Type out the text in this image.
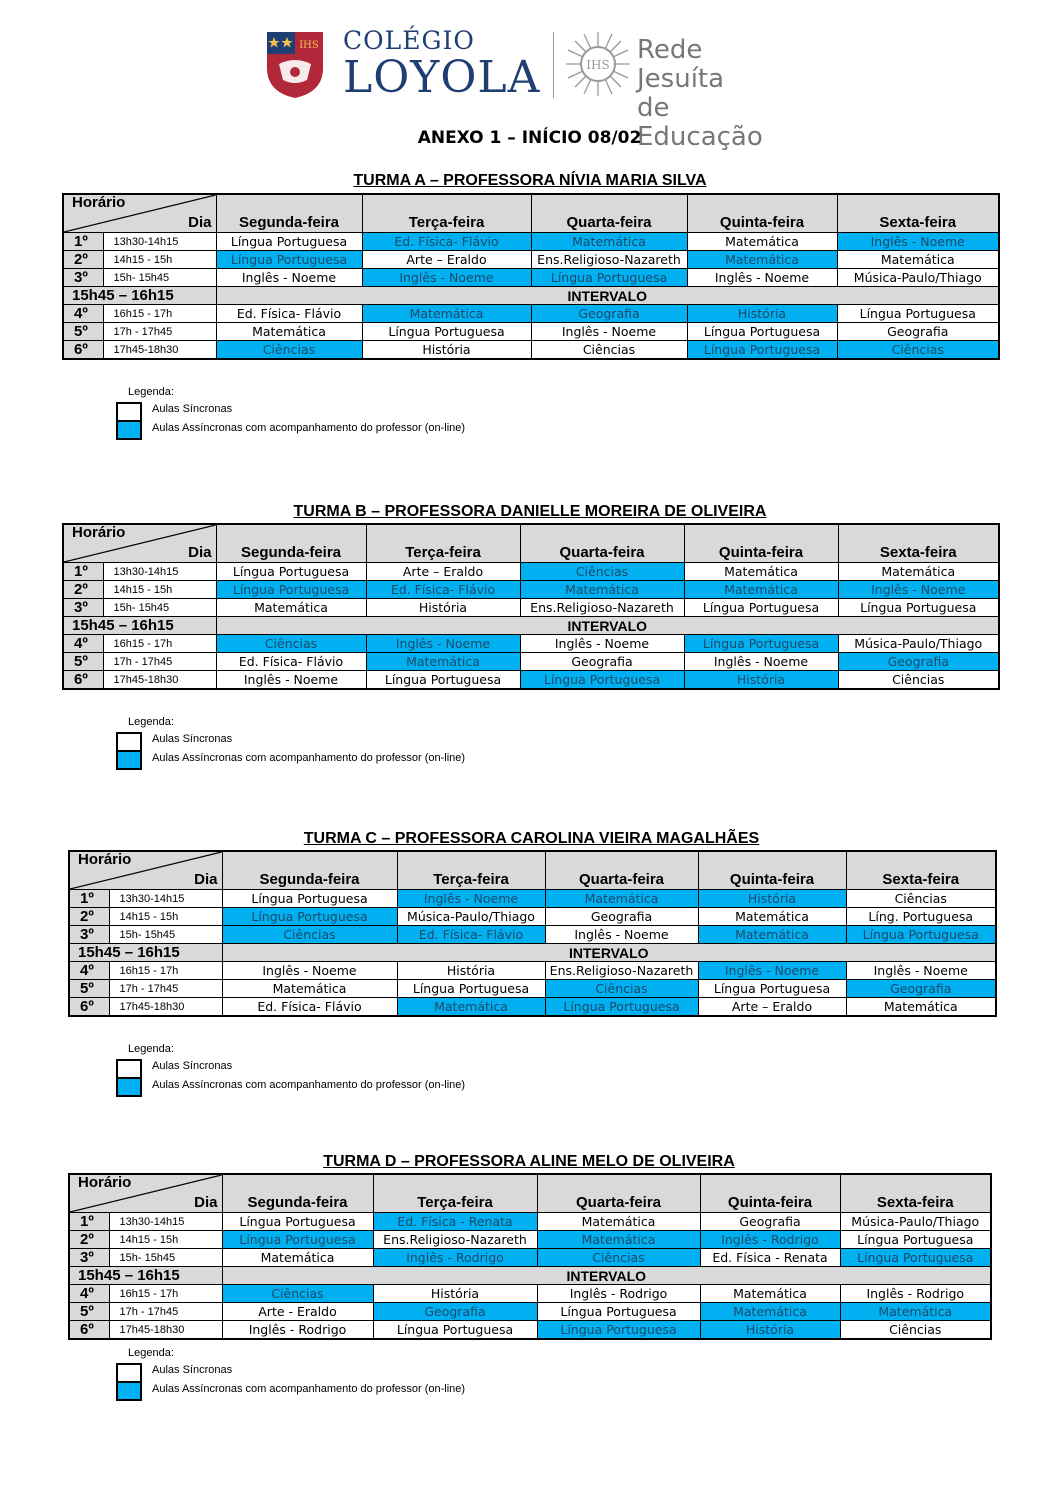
IHS COLÉGIO
LOYOLA	IHS Rede Jesuíta
de Educação
ANEXO 1 – INÍCIO 08/02
TURMA A – PROFESSORA NÍVIA MARIA SILVA
Horário
Dia		Segunda-feira	Terça-feira	Quarta-feira	Quinta-feira	Sexta-feira
1º	13h30-14h15	Língua Portuguesa	Ed. Física- Flávio	Matemática	Matemática	Inglês - Noeme
2º	14h15 - 15h	Língua Portuguesa	Arte – Eraldo	Ens.Religioso-Nazareth	Matemática	Matemática
3º	15h- 15h45	Inglês - Noeme	Inglês - Noeme	Língua Portuguesa	Inglês - Noeme	Música-Paulo/Thiago
15h45 – 16h15		INTERVALO				
4º	16h15 - 17h	Ed. Física- Flávio	Matemática	Geografia	História	Língua Portuguesa
5º	17h - 17h45	Matemática	Língua Portuguesa	Inglês - Noeme	Língua Portuguesa	Geografia
6º	17h45-18h30	Ciências	História	Ciências	Língua Portuguesa	Ciências
Legenda:
Aulas Síncronas
Aulas Assíncronas com acompanhamento do professor (on-line)
TURMA B – PROFESSORA DANIELLE MOREIRA DE OLIVEIRA
Horário
Dia		Segunda-feira	Terça-feira	Quarta-feira	Quinta-feira	Sexta-feira
1º	13h30-14h15	Língua Portuguesa	Arte – Eraldo	Ciências	Matemática	Matemática
2º	14h15 - 15h	Língua Portuguesa	Ed. Física- Flávio	Matemática	Matemática	Inglês - Noeme
3º	15h- 15h45	Matemática	História	Ens.Religioso-Nazareth	Língua Portuguesa	Língua Portuguesa
15h45 – 16h15		INTERVALO				
4º	16h15 - 17h	Ciências	Inglês - Noeme	Inglês - Noeme	Língua Portuguesa	Música-Paulo/Thiago
5º	17h - 17h45	Ed. Física- Flávio	Matemática	Geografia	Inglês - Noeme	Geografia
6º	17h45-18h30	Inglês - Noeme	Língua Portuguesa	Língua Portuguesa	História	Ciências
Legenda:
Aulas Síncronas
Aulas Assíncronas com acompanhamento do professor (on-line)
TURMA C – PROFESSORA CAROLINA VIEIRA MAGALHÃES
Horário
Dia		Segunda-feira	Terça-feira	Quarta-feira	Quinta-feira	Sexta-feira
1º	13h30-14h15	Língua Portuguesa	Inglês - Noeme	Matemática	História	Ciências
2º	14h15 - 15h	Língua Portuguesa	Música-Paulo/Thiago	Geografia	Matemática	Líng. Portuguesa
3º	15h- 15h45	Ciências	Ed. Física- Flávio	Inglês - Noeme	Matemática	Língua Portuguesa
15h45 – 16h15		INTERVALO				
4º	16h15 - 17h	Inglês - Noeme	História	Ens.Religioso-Nazareth	Inglês - Noeme	Inglês - Noeme
5º	17h - 17h45	Matemática	Língua Portuguesa	Ciências	Língua Portuguesa	Geografia
6º	17h45-18h30	Ed. Física- Flávio	Matemática	Língua Portuguesa	Arte – Eraldo	Matemática
Legenda:
Aulas Síncronas
Aulas Assíncronas com acompanhamento do professor (on-line)
TURMA D – PROFESSORA ALINE MELO DE OLIVEIRA
Horário
Dia		Segunda-feira	Terça-feira	Quarta-feira	Quinta-feira	Sexta-feira
1º	13h30-14h15	Língua Portuguesa	Ed. Física - Renata	Matemática	Geografia	Música-Paulo/Thiago
2º	14h15 - 15h	Língua Portuguesa	Ens.Religioso-Nazareth	Matemática	Inglês - Rodrigo	Língua Portuguesa
3º	15h- 15h45	Matemática	Inglês - Rodrigo	Ciências	Ed. Física - Renata	Língua Portuguesa
15h45 – 16h15		INTERVALO				
4º	16h15 - 17h	Ciências	História	Inglês - Rodrigo	Matemática	Inglês - Rodrigo
5º	17h - 17h45	Arte - Eraldo	Geografia	Língua Portuguesa	Matemática	Matemática
6º	17h45-18h30	Inglês - Rodrigo	Língua Portuguesa	Língua Portuguesa	História	Ciências
Legenda:
Aulas Síncronas
Aulas Assíncronas com acompanhamento do professor (on-line)
